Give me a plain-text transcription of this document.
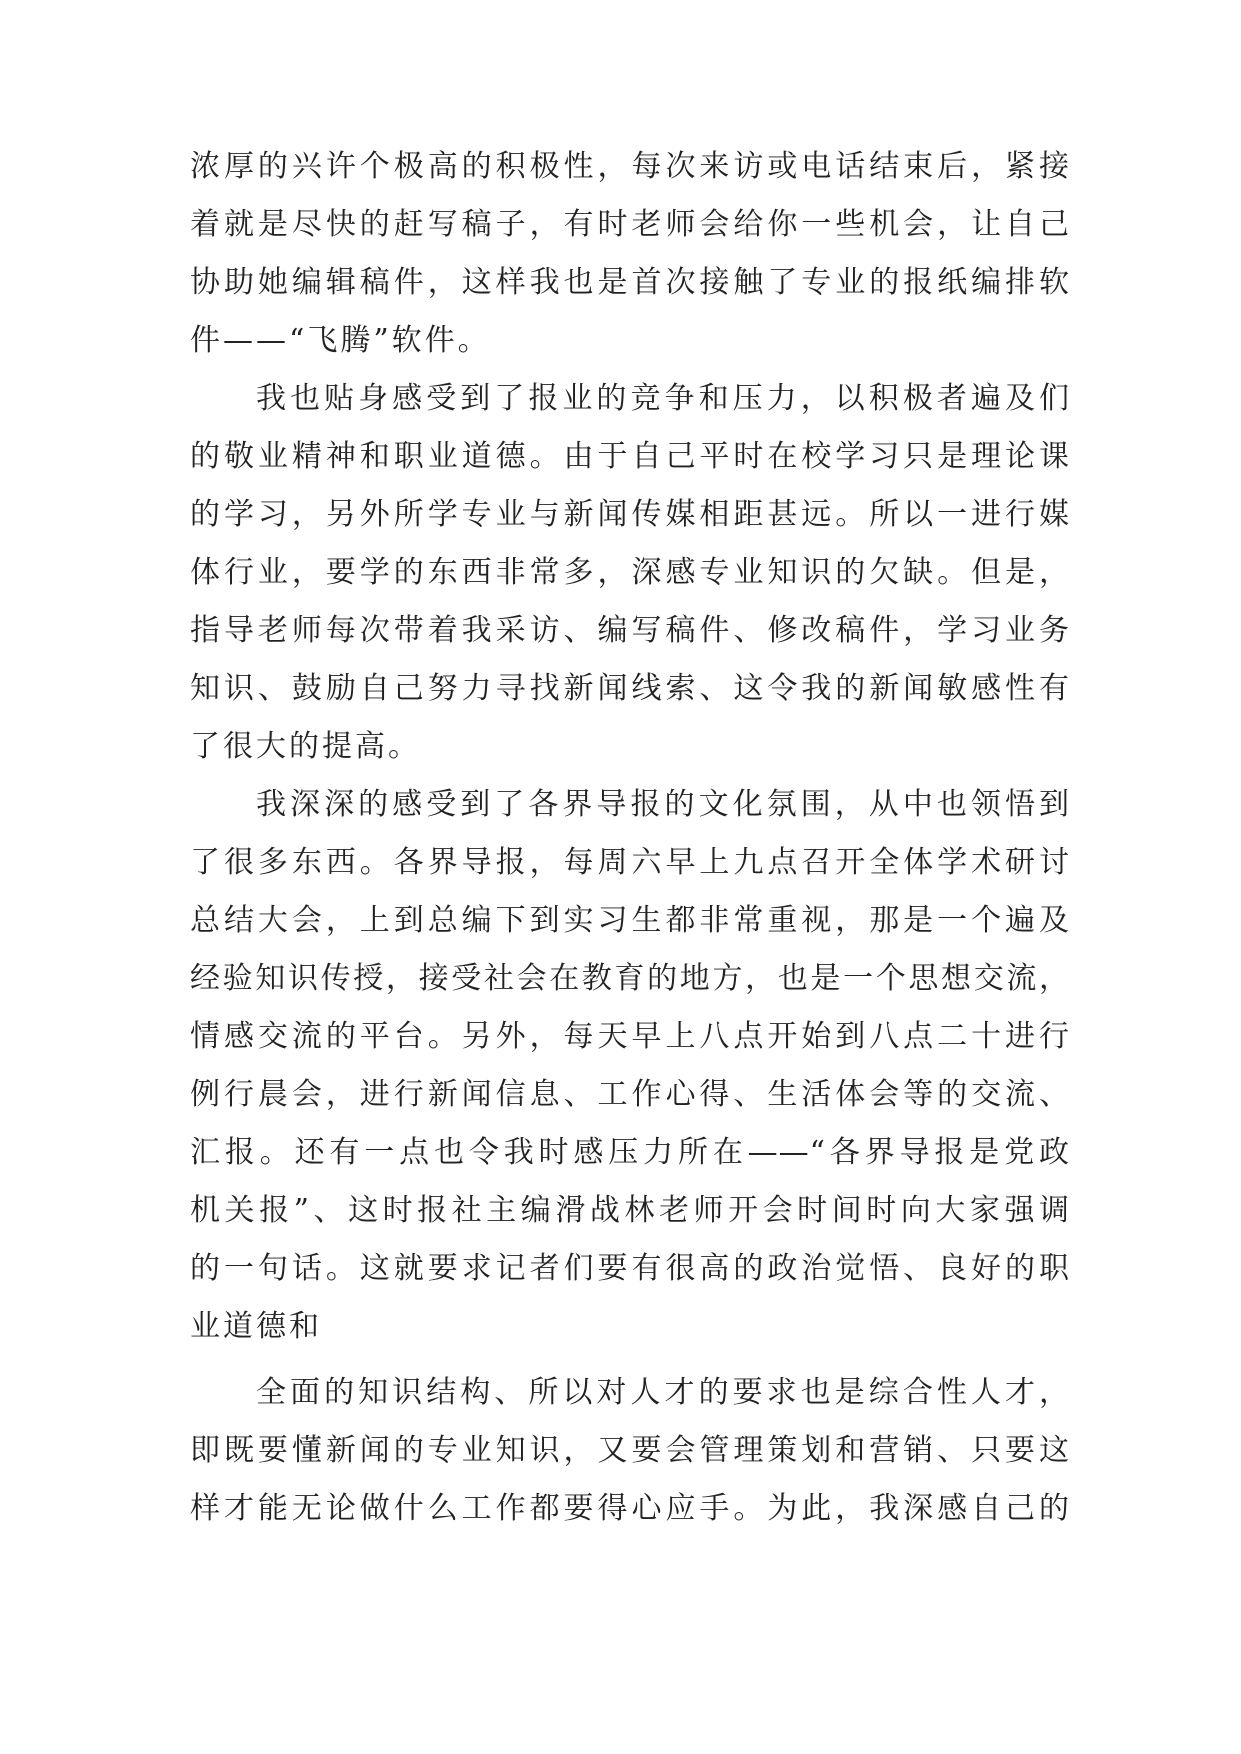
浓厚的兴许个极高的积极性，每次来访或电话结束后，紧接
着就是尽快的赶写稿子，有时老师会给你一些机会，让自己
协助她编辑稿件，这样我也是首次接触了专业的报纸编排软
件——“飞腾”软件。
我也贴身感受到了报业的竞争和压力，以积极者遍及们
的敬业精神和职业道德。由于自己平时在校学习只是理论课
的学习，另外所学专业与新闻传媒相距甚远。所以一进行媒
体行业，要学的东西非常多，深感专业知识的欠缺。但是，
指导老师每次带着我采访、编写稿件、修改稿件，学习业务
知识、鼓励自己努力寻找新闻线索、这令我的新闻敏感性有
了很大的提高。
我深深的感受到了各界导报的文化氛围，从中也领悟到
了很多东西。各界导报，每周六早上九点召开全体学术研讨
总结大会，上到总编下到实习生都非常重视，那是一个遍及
经验知识传授，接受社会在教育的地方，也是一个思想交流，
情感交流的平台。另外，每天早上八点开始到八点二十进行
例行晨会，进行新闻信息、工作心得、生活体会等的交流、
汇报。还有一点也令我时感压力所在——“各界导报是党政
机关报”、这时报社主编滑战林老师开会时间时向大家强调
的一句话。这就要求记者们要有很高的政治觉悟、良好的职
业道德和
全面的知识结构、所以对人才的要求也是综合性人才，
即既要懂新闻的专业知识，又要会管理策划和营销、只要这
样才能无论做什么工作都要得心应手。为此，我深感自己的
